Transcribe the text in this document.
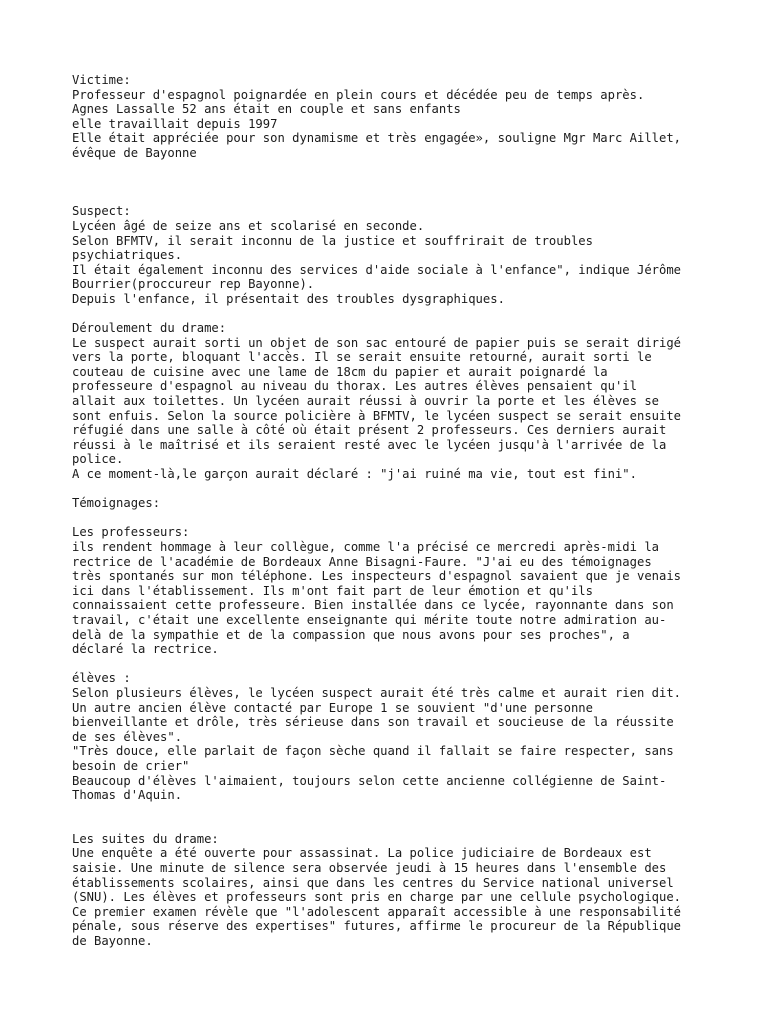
Victime:
Professeur d'espagnol poignardée en plein cours et décédée peu de temps après.
Agnes Lassalle 52 ans était en couple et sans enfants
elle travaillait depuis 1997
Elle était appréciée pour son dynamisme et très engagée», souligne Mgr Marc Aillet,
évêque de Bayonne
Suspect:
Lycéen âgé de seize ans et scolarisé en seconde.
Selon BFMTV, il serait inconnu de la justice et souffrirait de troubles
psychiatriques.
Il était également inconnu des services d'aide sociale à l'enfance", indique Jérôme
Bourrier(proccureur rep Bayonne).
Depuis l'enfance, il présentait des troubles dysgraphiques.
Déroulement du drame:
Le suspect aurait sorti un objet de son sac entouré de papier puis se serait dirigé
vers la porte, bloquant l'accès. Il se serait ensuite retourné, aurait sorti le
couteau de cuisine avec une lame de 18cm du papier et aurait poignardé la
professeure d'espagnol au niveau du thorax. Les autres élèves pensaient qu'il
allait aux toilettes. Un lycéen aurait réussi à ouvrir la porte et les élèves se
sont enfuis. Selon la source policière à BFMTV, le lycéen suspect se serait ensuite
réfugié dans une salle à côté où était présent 2 professeurs. Ces derniers aurait
réussi à le maîtrisé et ils seraient resté avec le lycéen jusqu'à l'arrivée de la
police.
A ce moment-là,le garçon aurait déclaré : "j'ai ruiné ma vie, tout est fini".
Témoignages:
Les professeurs:
ils rendent hommage à leur collègue, comme l'a précisé ce mercredi après-midi la
rectrice de l'académie de Bordeaux Anne Bisagni-Faure. "J'ai eu des témoignages
très spontanés sur mon téléphone. Les inspecteurs d'espagnol savaient que je venais
ici dans l'établissement. Ils m'ont fait part de leur émotion et qu'ils
connaissaient cette professeure. Bien installée dans ce lycée, rayonnante dans son
travail, c'était une excellente enseignante qui mérite toute notre admiration au-
delà de la sympathie et de la compassion que nous avons pour ses proches", a
déclaré la rectrice.
élèves :
Selon plusieurs élèves, le lycéen suspect aurait été très calme et aurait rien dit.
Un autre ancien élève contacté par Europe 1 se souvient "d'une personne
bienveillante et drôle, très sérieuse dans son travail et soucieuse de la réussite
de ses élèves".
"Très douce, elle parlait de façon sèche quand il fallait se faire respecter, sans
besoin de crier"
Beaucoup d'élèves l'aimaient, toujours selon cette ancienne collégienne de Saint-
Thomas d'Aquin.
Les suites du drame:
Une enquête a été ouverte pour assassinat. La police judiciaire de Bordeaux est
saisie. Une minute de silence sera observée jeudi à 15 heures dans l'ensemble des
établissements scolaires, ainsi que dans les centres du Service national universel
(SNU). Les élèves et professeurs sont pris en charge par une cellule psychologique.
Ce premier examen révèle que "l'adolescent apparaît accessible à une responsabilité
pénale, sous réserve des expertises" futures, affirme le procureur de la République
de Bayonne.
